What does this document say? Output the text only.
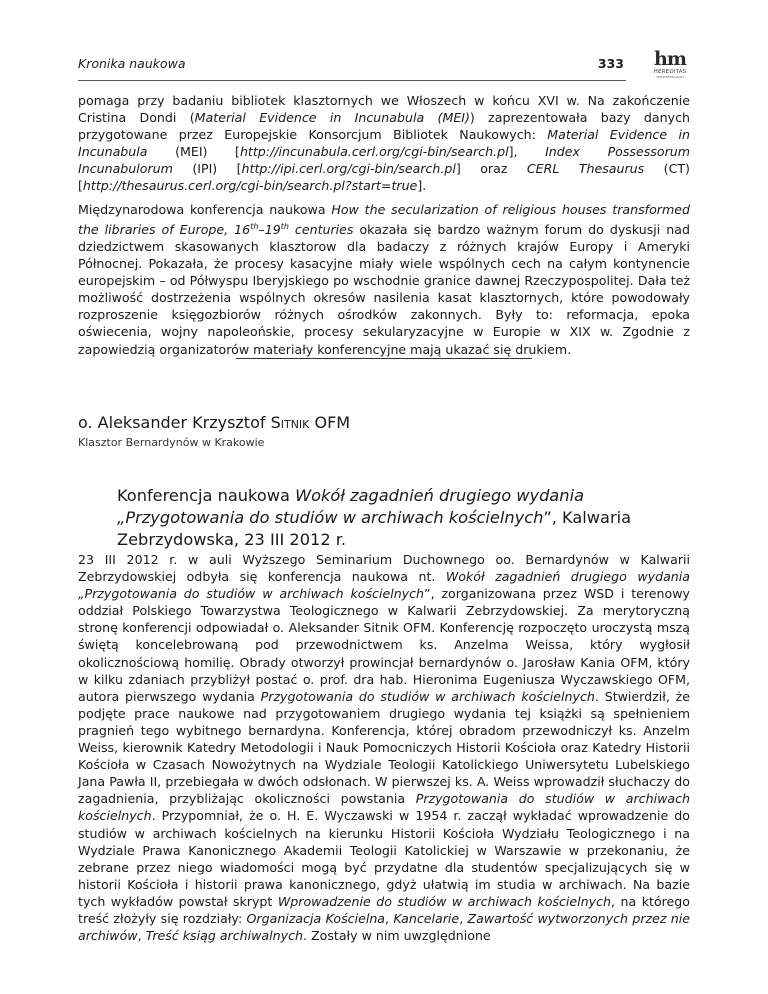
Kronika naukowa	333	hm
HEREDITAS
MONASTERIORUM

pomaga przy badaniu bibliotek klasztornych we Włoszech w końcu XVI w. Na zakończenie Cristina Dondi (Material Evidence in Incunabula (MEI)) zaprezentowała bazy danych przygotowane przez Europejskie Konsorcjum Bibliotek Naukowych: Material Evidence in Incunabula (MEI) [http://incunabula.cerl.org/cgi-bin/search.pl], Index Possessorum Incunabulorum (IPI) [http://ipi.cerl.org/cgi-bin/search.pl] oraz CERL Thesaurus (CT) [http://thesaurus.cerl.org/cgi-bin/search.pl?start=true].

Międzynarodowa konferencja naukowa How the secularization of religious houses transformed the libraries of Europe, 16th–19th centuries okazała się bardzo ważnym forum do dyskusji nad dziedzictwem skasowanych klasztorow dla badaczy z różnych krajów Europy i Ameryki Północnej. Pokazała, że procesy kasacyjne miały wiele wspólnych cech na całym kontynencie europejskim – od Półwyspu Iberyjskiego po wschodnie granice dawnej Rzeczypospolitej. Dała też możliwość dostrzeżenia wspólnych okresów nasilenia kasat klasztornych, które powodowały rozproszenie księgozbiorów różnych ośrodków zakonnych. Były to: reformacja, epoka oświecenia, wojny napoleońskie, procesy sekularyzacyjne w Europie w XIX w. Zgodnie z zapowiedzią organizatorów materiały konferencyjne mają ukazać się drukiem.

o. Aleksander Krzysztof Sitnik OFM
Klasztor Bernardynów w Krakowie
Konferencja naukowa Wokół zagadnień drugiego wydania „Przygotowania do studiów w archiwach kościelnych”, Kalwaria Zebrzydowska, 23 III 2012 r.

23 III 2012 r. w auli Wyższego Seminarium Duchownego oo. Bernardynów w Kalwarii Zebrzydowskiej odbyła się konferencja naukowa nt. Wokół zagadnień drugiego wydania „Przygotowania do studiów w archiwach kościelnych”, zorganizowana przez WSD i terenowy oddział Polskiego Towarzystwa Teologicznego w Kalwarii Zebrzydowskiej. Za merytoryczną stronę konferencji odpowiadał o. Aleksander Sitnik OFM. Konferencję rozpoczęto uroczystą mszą świętą koncelebrowaną pod przewodnictwem ks. Anzelma Weissa, który wygłosił okolicznościową homilię. Obrady otworzył prowincjał bernardynów o. Jarosław Kania OFM, który w kilku zdaniach przybliżył postać o. prof. dra hab. Hieronima Eugeniusza Wyczawskiego OFM, autora pierwszego wydania Przygotowania do studiów w archiwach kościelnych. Stwierdził, że podjęte prace naukowe nad przygotowaniem drugiego wydania tej książki są spełnieniem pragnień tego wybitnego bernardyna. Konferencja, której obradom przewodniczył ks. Anzelm Weiss, kierownik Katedry Metodologii i Nauk Pomocniczych Historii Kościoła oraz Katedry Historii Kościoła w Czasach Nowożytnych na Wydziale Teologii Katolickiego Uniwersytetu Lubelskiego Jana Pawła II, przebiegała w dwóch odsłonach. W pierwszej ks. A. Weiss wprowadził słuchaczy do zagadnienia, przybliżając okoliczności powstania Przygotowania do studiów w archiwach kościelnych. Przypomniał, że o. H. E. Wyczawski w 1954 r. zaczął wykładać wprowadzenie do studiów w archiwach kościelnych na kierunku Historii Kościoła Wydziału Teologicznego i na Wydziale Prawa Kanonicznego Akademii Teologii Katolickiej w Warszawie w przekonaniu, że zebrane przez niego wiadomości mogą być przydatne dla studentów specjalizujących się w historii Kościoła i historii prawa kanonicznego, gdyż ułatwią im studia w archiwach. Na bazie tych wykładów powstał skrypt Wprowadzenie do studiów w archiwach kościelnych, na którego treść złożyły się rozdziały: Organizacja Kościelna, Kancelarie, Zawartość wytworzonych przez nie archiwów, Treść ksiąg archiwalnych. Zostały w nim uwzględnione
